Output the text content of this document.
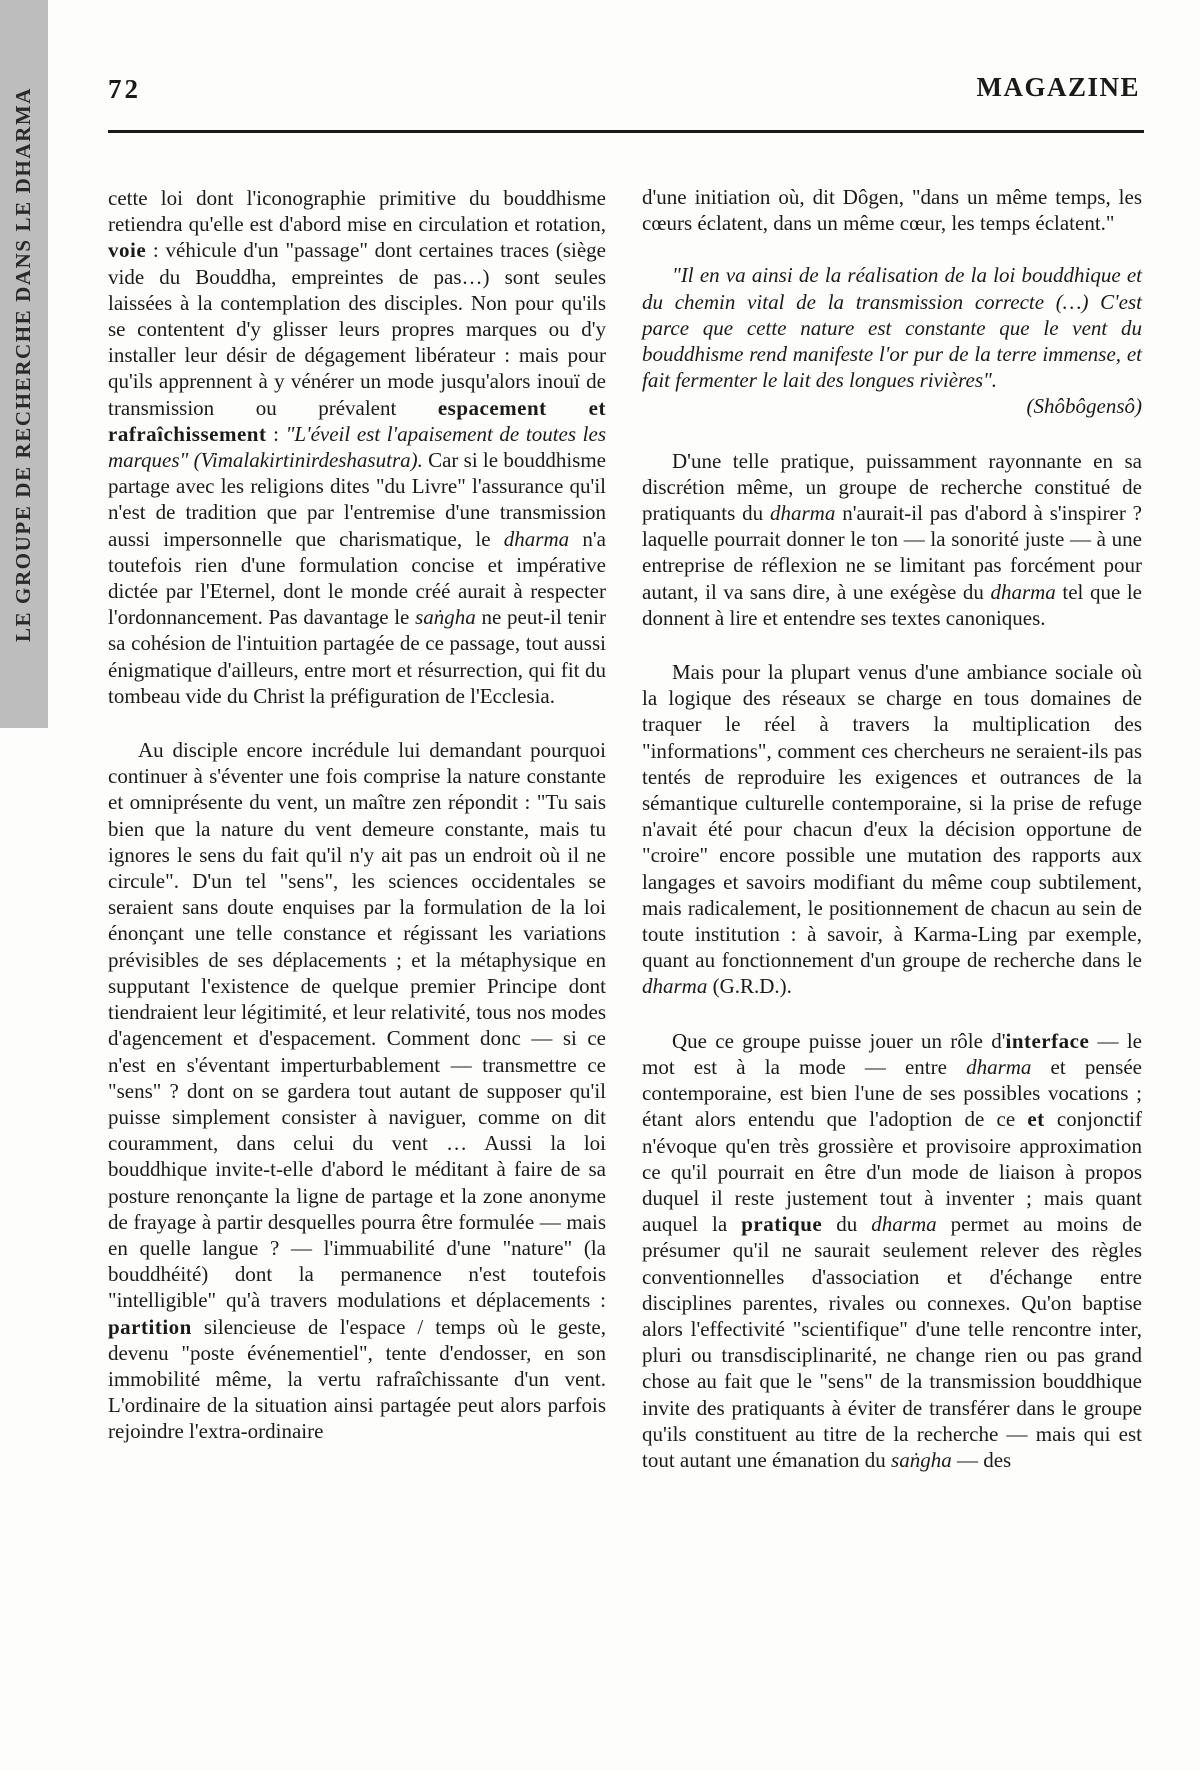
LE GROUPE DE RECHERCHE DANS LE DHARMA	72	MAGAZINE

cette loi dont l'iconographie primitive du bouddhisme retiendra qu'elle est d'abord mise en circulation et rotation, voie : véhicule d'un "passage" dont certaines traces (siège vide du Bouddha, empreintes de pas…) sont seules laissées à la contemplation des disciples. Non pour qu'ils se contentent d'y glisser leurs propres marques ou d'y installer leur désir de dégagement libérateur : mais pour qu'ils apprennent à y vénérer un mode jusqu'alors inouï de transmission ou prévalent espacement et rafraîchissement : "L'éveil est l'apaisement de toutes les marques" (Vimalakirtinirdeshasutra). Car si le bouddhisme partage avec les religions dites "du Livre" l'assurance qu'il n'est de tradition que par l'entremise d'une transmission aussi impersonnelle que charismatique, le dharma n'a toutefois rien d'une formulation concise et impérative dictée par l'Eternel, dont le monde créé aurait à respecter l'ordonnancement. Pas davantage le saṅgha ne peut-il tenir sa cohésion de l'intuition partagée de ce passage, tout aussi énigmatique d'ailleurs, entre mort et résurrection, qui fit du tombeau vide du Christ la préfiguration de l'Ecclesia.

Au disciple encore incrédule lui demandant pourquoi continuer à s'éventer une fois comprise la nature constante et omniprésente du vent, un maître zen répondit : "Tu sais bien que la nature du vent demeure constante, mais tu ignores le sens du fait qu'il n'y ait pas un endroit où il ne circule". D'un tel "sens", les sciences occidentales se seraient sans doute enquises par la formulation de la loi énonçant une telle constance et régissant les variations prévisibles de ses déplacements ; et la métaphysique en supputant l'existence de quelque premier Principe dont tiendraient leur légitimité, et leur relativité, tous nos modes d'agencement et d'espacement. Comment donc — si ce n'est en s'éventant imperturbablement — transmettre ce "sens" ? dont on se gardera tout autant de supposer qu'il puisse simplement consister à naviguer, comme on dit couramment, dans celui du vent … Aussi la loi bouddhique invite-t-elle d'abord le méditant à faire de sa posture renonçante la ligne de partage et la zone anonyme de frayage à partir desquelles pourra être formulée — mais en quelle langue ? — l'immuabilité d'une "nature" (la bouddhéité) dont la permanence n'est toutefois "intelligible" qu'à travers modulations et déplacements : partition silencieuse de l'espace / temps où le geste, devenu "poste événementiel", tente d'endosser, en son immobilité même, la vertu rafraîchissante d'un vent. L'ordinaire de la situation ainsi partagée peut alors parfois rejoindre l'extra-ordinaire

d'une initiation où, dit Dôgen, "dans un même temps, les cœurs éclatent, dans un même cœur, les temps éclatent."

"Il en va ainsi de la réalisation de la loi bouddhique et du chemin vital de la transmission correcte (…) C'est parce que cette nature est constante que le vent du bouddhisme rend manifeste l'or pur de la terre immense, et fait fermenter le lait des longues rivières".

(Shôbôgensô)

D'une telle pratique, puissamment rayonnante en sa discrétion même, un groupe de recherche constitué de pratiquants du dharma n'aurait-il pas d'abord à s'inspirer ? laquelle pourrait donner le ton — la sonorité juste — à une entreprise de réflexion ne se limitant pas forcément pour autant, il va sans dire, à une exégèse du dharma tel que le donnent à lire et entendre ses textes canoniques.

Mais pour la plupart venus d'une ambiance sociale où la logique des réseaux se charge en tous domaines de traquer le réel à travers la multiplication des "informations", comment ces chercheurs ne seraient-ils pas tentés de reproduire les exigences et outrances de la sémantique culturelle contemporaine, si la prise de refuge n'avait été pour chacun d'eux la décision opportune de "croire" encore possible une mutation des rapports aux langages et savoirs modifiant du même coup subtilement, mais radicalement, le positionnement de chacun au sein de toute institution : à savoir, à Karma-Ling par exemple, quant au fonctionnement d'un groupe de recherche dans le dharma (G.R.D.).

Que ce groupe puisse jouer un rôle d'interface — le mot est à la mode — entre dharma et pensée contemporaine, est bien l'une de ses possibles vocations ; étant alors entendu que l'adoption de ce et conjonctif n'évoque qu'en très grossière et provisoire approximation ce qu'il pourrait en être d'un mode de liaison à propos duquel il reste justement tout à inventer ; mais quant auquel la pratique du dharma permet au moins de présumer qu'il ne saurait seulement relever des règles conventionnelles d'association et d'échange entre disciplines parentes, rivales ou connexes. Qu'on baptise alors l'effectivité "scientifique" d'une telle rencontre inter, pluri ou transdisciplinarité, ne change rien ou pas grand chose au fait que le "sens" de la transmission bouddhique invite des pratiquants à éviter de transférer dans le groupe qu'ils constituent au titre de la recherche — mais qui est tout autant une émanation du saṅgha — des
